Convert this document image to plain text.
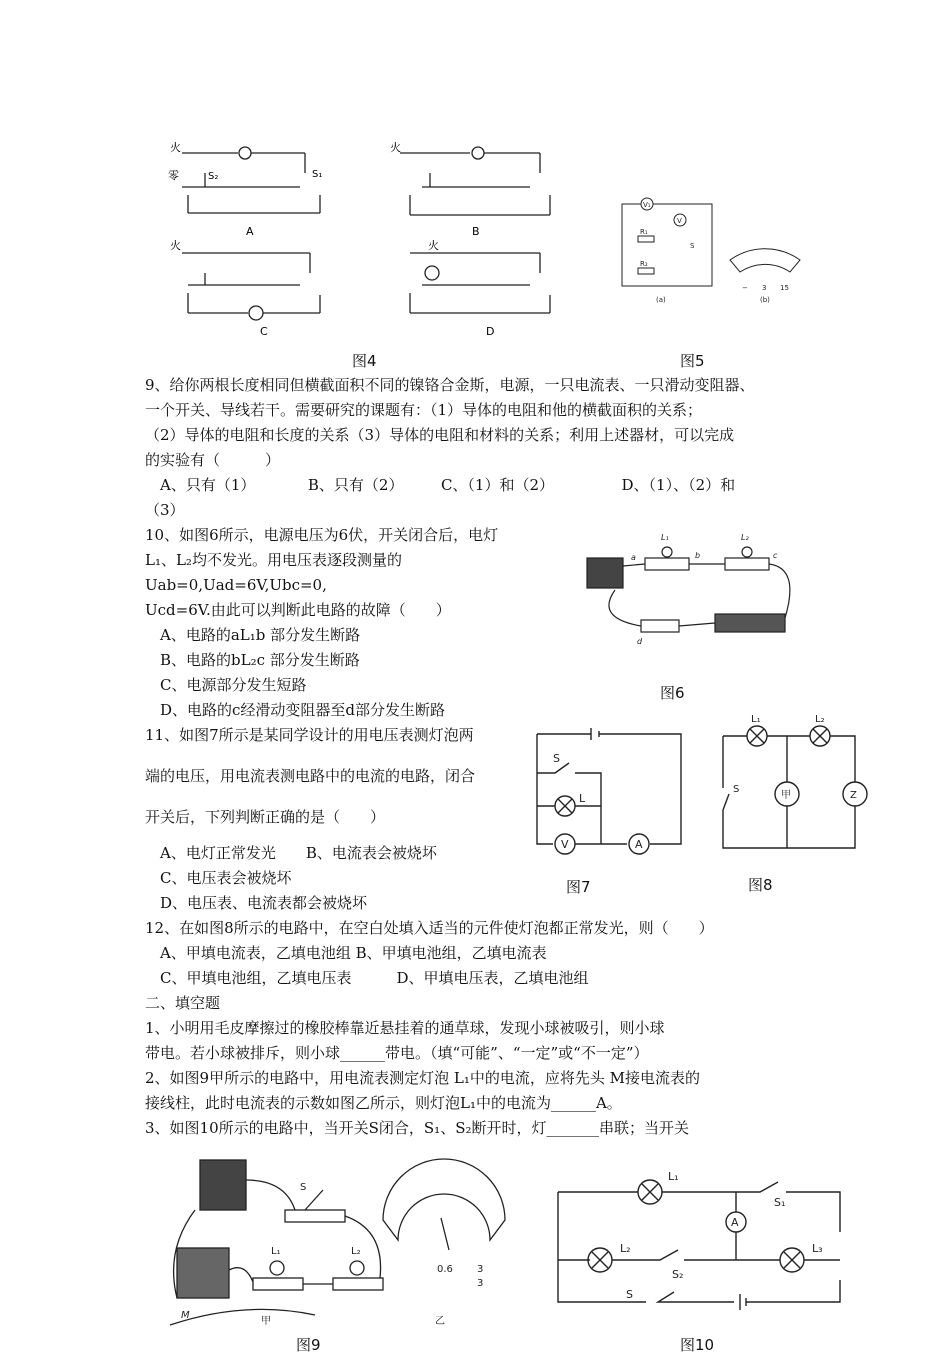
火
零	S₂	S₁
A
火
B
火
C
火
D
图4
V₁
V
R₁
R₂
S
(a)	(b)
− 3 15
图5
L₁	L₂
a	b	c
d
图6
S
L
V	A
图7
L₁	L₂
S
甲	Z
图8
S
L₁	L₂
M
甲	乙
0.6 3
3
图9
L₁
L₂	L₃
S₁
S₂
S
A
图10
9、给你两根长度相同但横截面积不同的镍铬合金斯，电源，一只电流表、一只滑动变阻器、
一个开关、导线若干。需要研究的课题有：（1）导体的电阻和他的横截面积的关系；
（2）导体的电阻和长度的关系（3）导体的电阻和材料的关系；利用上述器材，可以完成
的实验有（　　　）
　A、只有（1）　　　　B、只有（2）　　　C、（1）和（2）　　　　　D、（1）、（2）和
（3）
10、如图6所示，电源电压为6伏，开关闭合后，电灯
L₁、L₂均不发光。用电压表逐段测量的
Uab=0,Uad=6V,Ubc=0,
Ucd=6V.由此可以判断此电路的故障（　　）
　A、电路的aL₁b 部分发生断路
　B、电路的bL₂c 部分发生断路
　C、电源部分发生短路
　D、电路的c经滑动变阻器至d部分发生断路
11、如图7所示是某同学设计的用电压表测灯泡两
端的电压，用电流表测电路中的电流的电路，闭合
开关后，下列判断正确的是（　　）
　A、电灯正常发光　　B、电流表会被烧坏
　C、电压表会被烧坏
　D、电压表、电流表都会被烧坏
12、在如图8所示的电路中，在空白处填入适当的元件使灯泡都正常发光，则（　　）
　A、甲填电流表，乙填电池组 B、甲填电池组，乙填电流表
　C、甲填电池组，乙填电压表　　　D、甲填电压表，乙填电池组
二、填空题
1、小明用毛皮摩擦过的橡胶棒靠近悬挂着的通草球，发现小球被吸引，则小球
带电。若小球被排斥，则小球______带电。（填“可能”、“一定”或“不一定”）
2、如图9甲所示的电路中，用电流表测定灯泡 L₁中的电流，应将先头 M接电流表的
接线柱，此时电流表的示数如图乙所示，则灯泡L₁中的电流为______A。
3、如图10所示的电路中，当开关S闭合，S₁、S₂断开时，灯_______串联；当开关
